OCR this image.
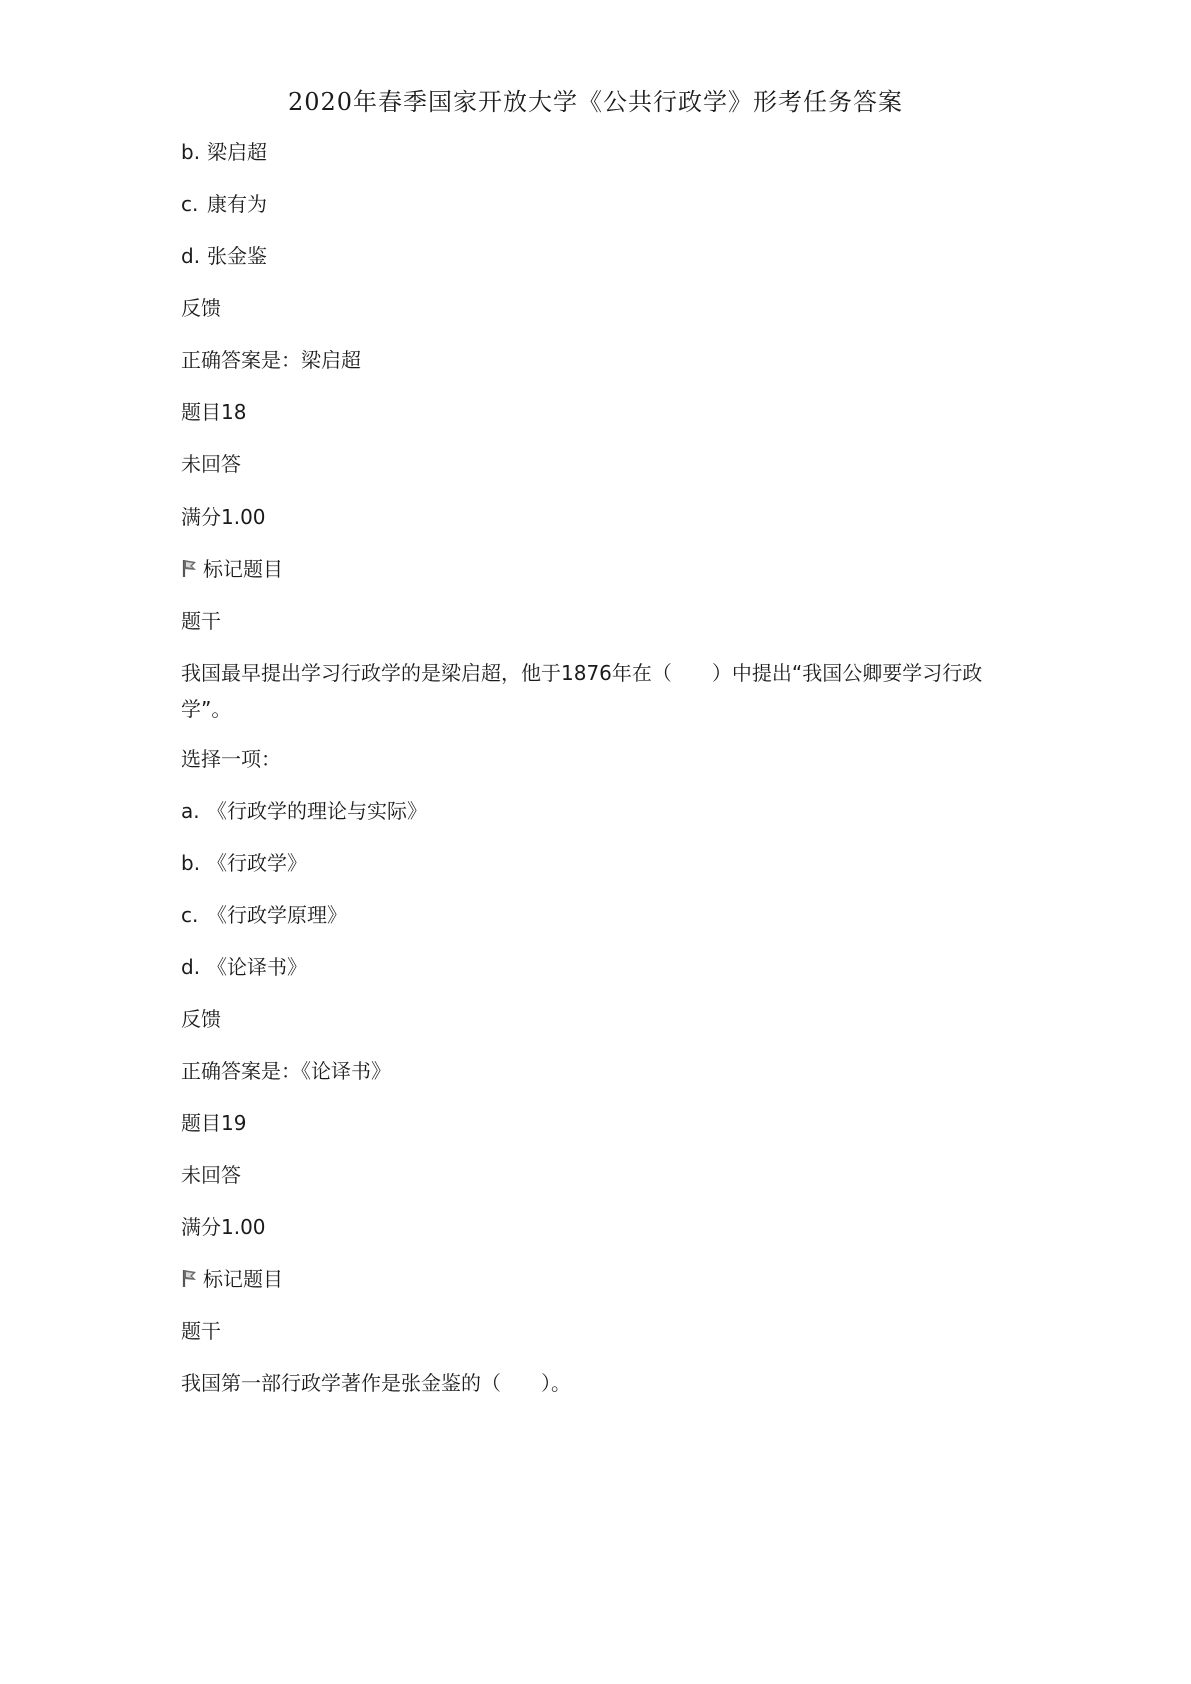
2020年春季国家开放大学《公共行政学》形考任务答案
b. 梁启超
c. 康有为
d. 张金鉴
反馈
正确答案是：梁启超
题目18
未回答
满分1.00
标记题目
题干
我国最早提出学习行政学的是梁启超，他于1876年在（　　）中提出“我国公卿要学习行政学”。
选择一项：
a. 《行政学的理论与实际》
b. 《行政学》
c. 《行政学原理》
d. 《论译书》
反馈
正确答案是：《论译书》
题目19
未回答
满分1.00
标记题目
题干
我国第一部行政学著作是张金鉴的（　　）。
